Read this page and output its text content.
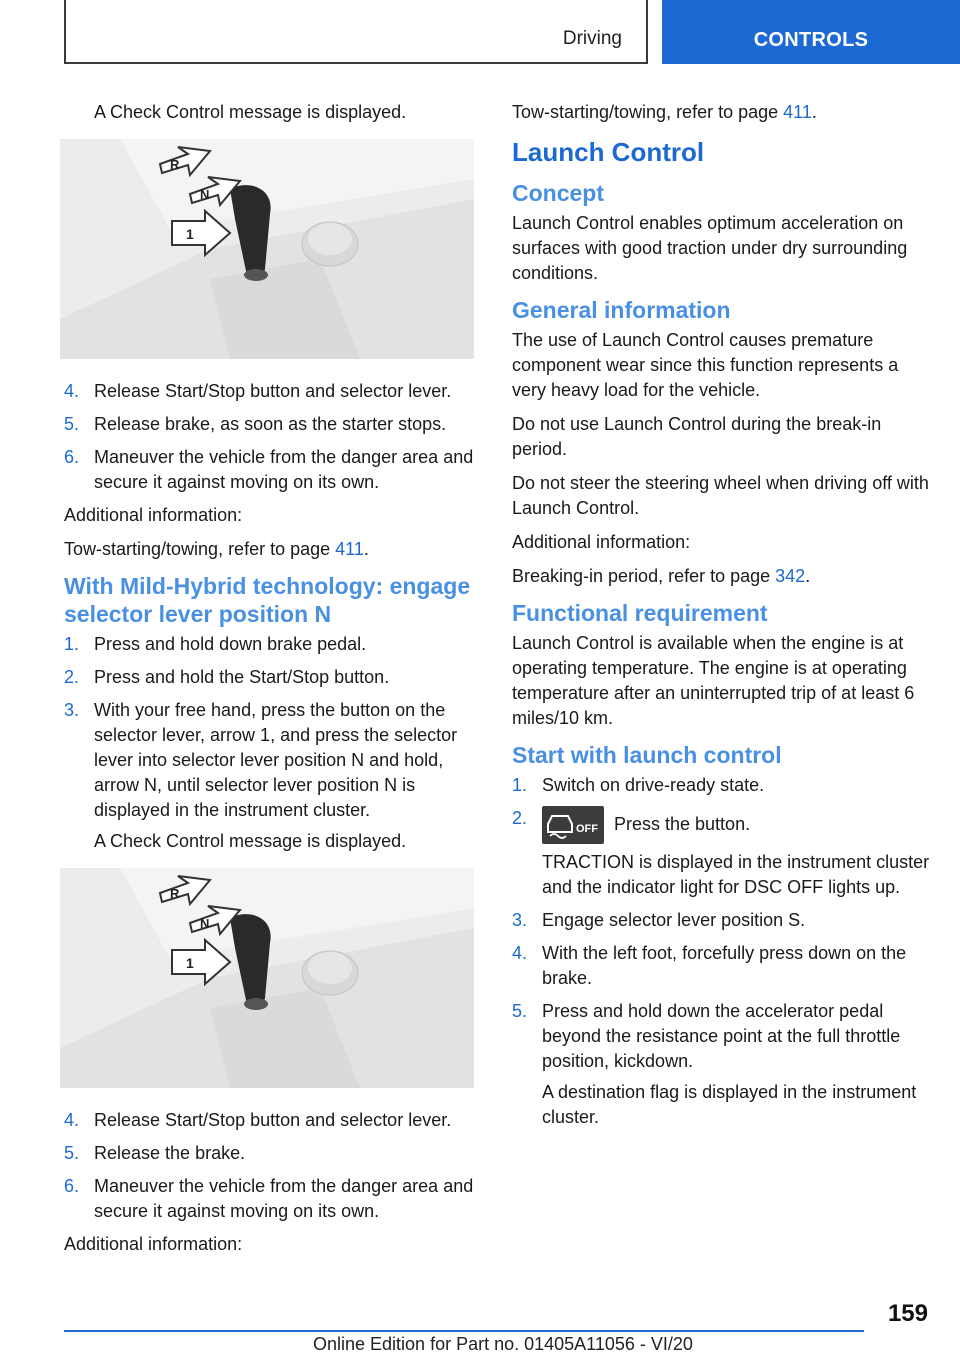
Driving	CONTROLS

A Check Control message is displayed.

R
N
1
4. Release Start/Stop button and selector lever.
5. Release brake, as soon as the starter stops.
6. Maneuver the vehicle from the danger area and secure it against moving on its own.

Additional information:

Tow-starting/towing, refer to page 411.

With Mild-Hybrid technology: engage selector lever position N
1. Press and hold down brake pedal.
2. Press and hold the Start/Stop button.
3. With your free hand, press the button on the selector lever, arrow 1, and press the selector lever into selector lever position N and hold, arrow N, until selector lever position N is displayed in the instrument cluster.
A Check Control message is displayed.
R
N
1
4. Release Start/Stop button and selector lever.
5. Release the brake.
6. Maneuver the vehicle from the danger area and secure it against moving on its own.

Additional information:

Tow-starting/towing, refer to page 411.

Launch Control
Concept

Launch Control enables optimum acceleration on surfaces with good traction under dry surrounding conditions.

General information

The use of Launch Control causes premature component wear since this function represents a very heavy load for the vehicle.

Do not use Launch Control during the break-in period.

Do not steer the steering wheel when driving off with Launch Control.

Additional information:

Breaking-in period, refer to page 342.

Functional requirement

Launch Control is available when the engine is at operating temperature. The engine is at operating temperature after an uninterrupted trip of at least 6 miles/10 km.

Start with launch control
1. Switch on drive-ready state.
2.
OFF Press the button.
TRACTION is displayed in the instrument cluster and the indicator light for DSC OFF lights up.
3. Engage selector lever position S.
4. With the left foot, forcefully press down on the brake.
5. Press and hold down the accelerator pedal beyond the resistance point at the full throttle position, kickdown.
A destination flag is displayed in the instrument cluster.
159
Online Edition for Part no. 01405A11056 - VI/20
